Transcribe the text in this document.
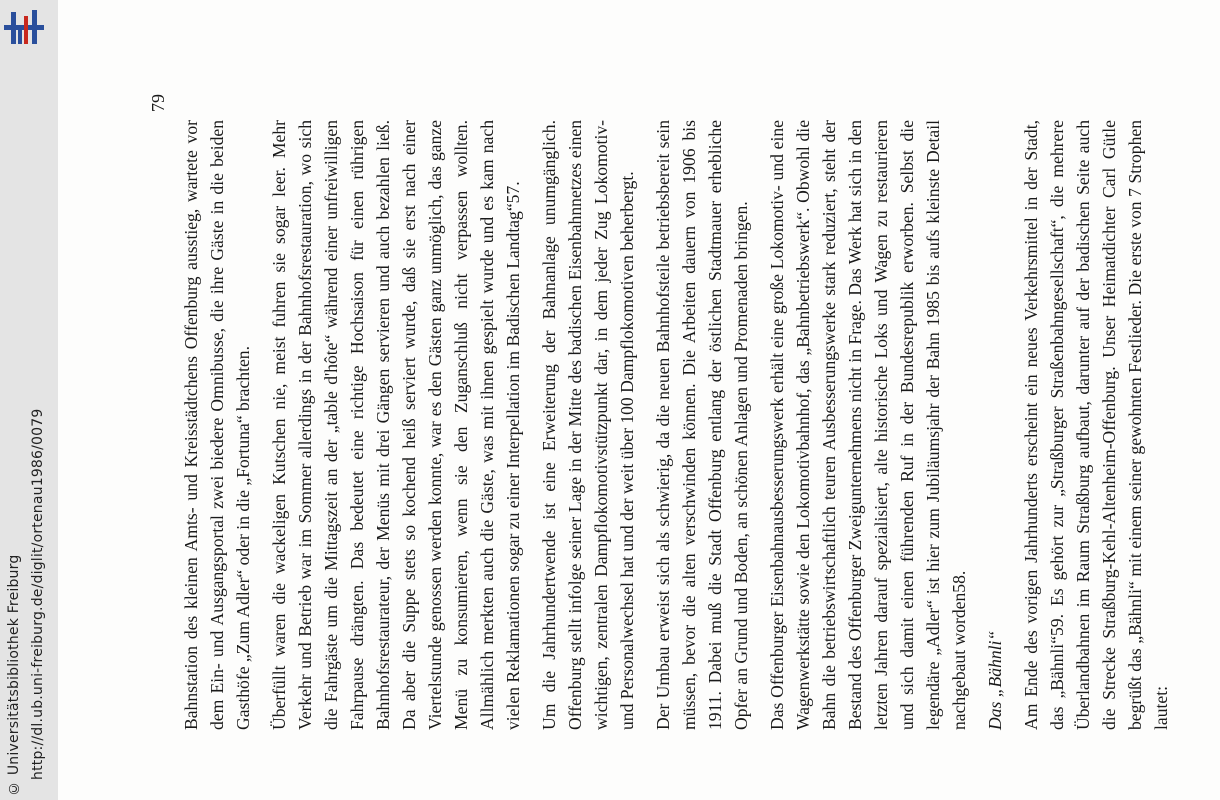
http://dl.ub.uni-freiburg.de/diglit/ortenau1986/0079
© Universitätsbibliothek Freiburg
79

Bahnstation des kleinen Amts- und Kreisstädtchens Offenburg ausstieg, wartete vor dem Ein- und Ausgangsportal zwei biedere Omnibusse, die ihre Gäste in die beiden Gasthöfe „Zum Adler“ oder in die „Fortuna“ brachten. Überfüllt waren die wackeligen Kutschen nie, meist fuhren sie sogar leer. Mehr Verkehr und Betrieb war im Sommer allerdings in der Bahnhofsrestauration, wo sich die Fahrgäste um die Mittagszeit an der „table d'hôte“ während einer unfreiwilligen Fahrpause drängten. Das bedeutet eine richtige Hochsaison für einen rührigen Bahnhofsrestaurateur, der Menüs mit drei Gängen servieren und auch bezahlen ließ. Da aber die Suppe stets so kochend heiß serviert wurde, daß sie erst nach einer Viertelstunde genossen werden konnte, war es den Gästen ganz unmöglich, das ganze Menü zu konsumieren, wenn sie den Zuganschluß nicht verpassen wollten. Allmählich merkten auch die Gäste, was mit ihnen gespielt wurde und es kam nach vielen Reklamationen sogar zu einer Interpellation im Badischen Landtag“57. Um die Jahrhundertwende ist eine Erweiterung der Bahnanlage unumgänglich. Offenburg stellt infolge seiner Lage in der Mitte des badischen Eisenbahnnetzes einen wichtigen, zentralen Dampflokomotivstützpunkt dar, in dem jeder Zug Lokomotiv- und Personalwechsel hat und der weit über 100 Dampflokomotiven beherbergt. Der Umbau erweist sich als schwierig, da die neuen Bahnhofsteile betriebsbereit sein müssen, bevor die alten verschwinden können. Die Arbeiten dauern von 1906 bis 1911. Dabei muß die Stadt Offenburg entlang der östlichen Stadtmauer erhebliche Opfer an Grund und Boden, an schönen Anlagen und Promenaden bringen. Das Offenburger Eisenbahnausbesserungswerk erhält eine große Lokomotiv- und eine Wagenwerkstätte sowie den Lokomotivbahnhof, das „Bahnbetriebswerk“. Obwohl die Bahn die betriebswirtschaftlich teuren Ausbesserungswerke stark reduziert, steht der Bestand des Offenburger Zweigunternehmens nicht in Frage. Das Werk hat sich in den letzten Jahren darauf spezialisiert, alte historische Loks und Wagen zu restaurieren und sich damit einen führenden Ruf in der Bundesrepublik erworben. Selbst die legendäre „Adler“ ist hier zum Jubiläumsjahr der Bahn 1985 bis aufs kleinste Detail nachgebaut worden58. Das „Bähnli“ Am Ende des vorigen Jahrhunderts erscheint ein neues Verkehrsmittel in der Stadt, das „Bähnli“59. Es gehört zur „Straßburger Straßenbahngesellschaft“, die mehrere Überlandbahnen im Raum Straßburg aufbaut, darunter auf der badischen Seite auch die Strecke Straßburg-Kehl-Altenheim-Offenburg. Unser Heimatdichter Carl Gütle begrüßt das „Bähnli“ mit einem seiner gewohnten Festlieder. Die erste von 7 Strophen lautet:
